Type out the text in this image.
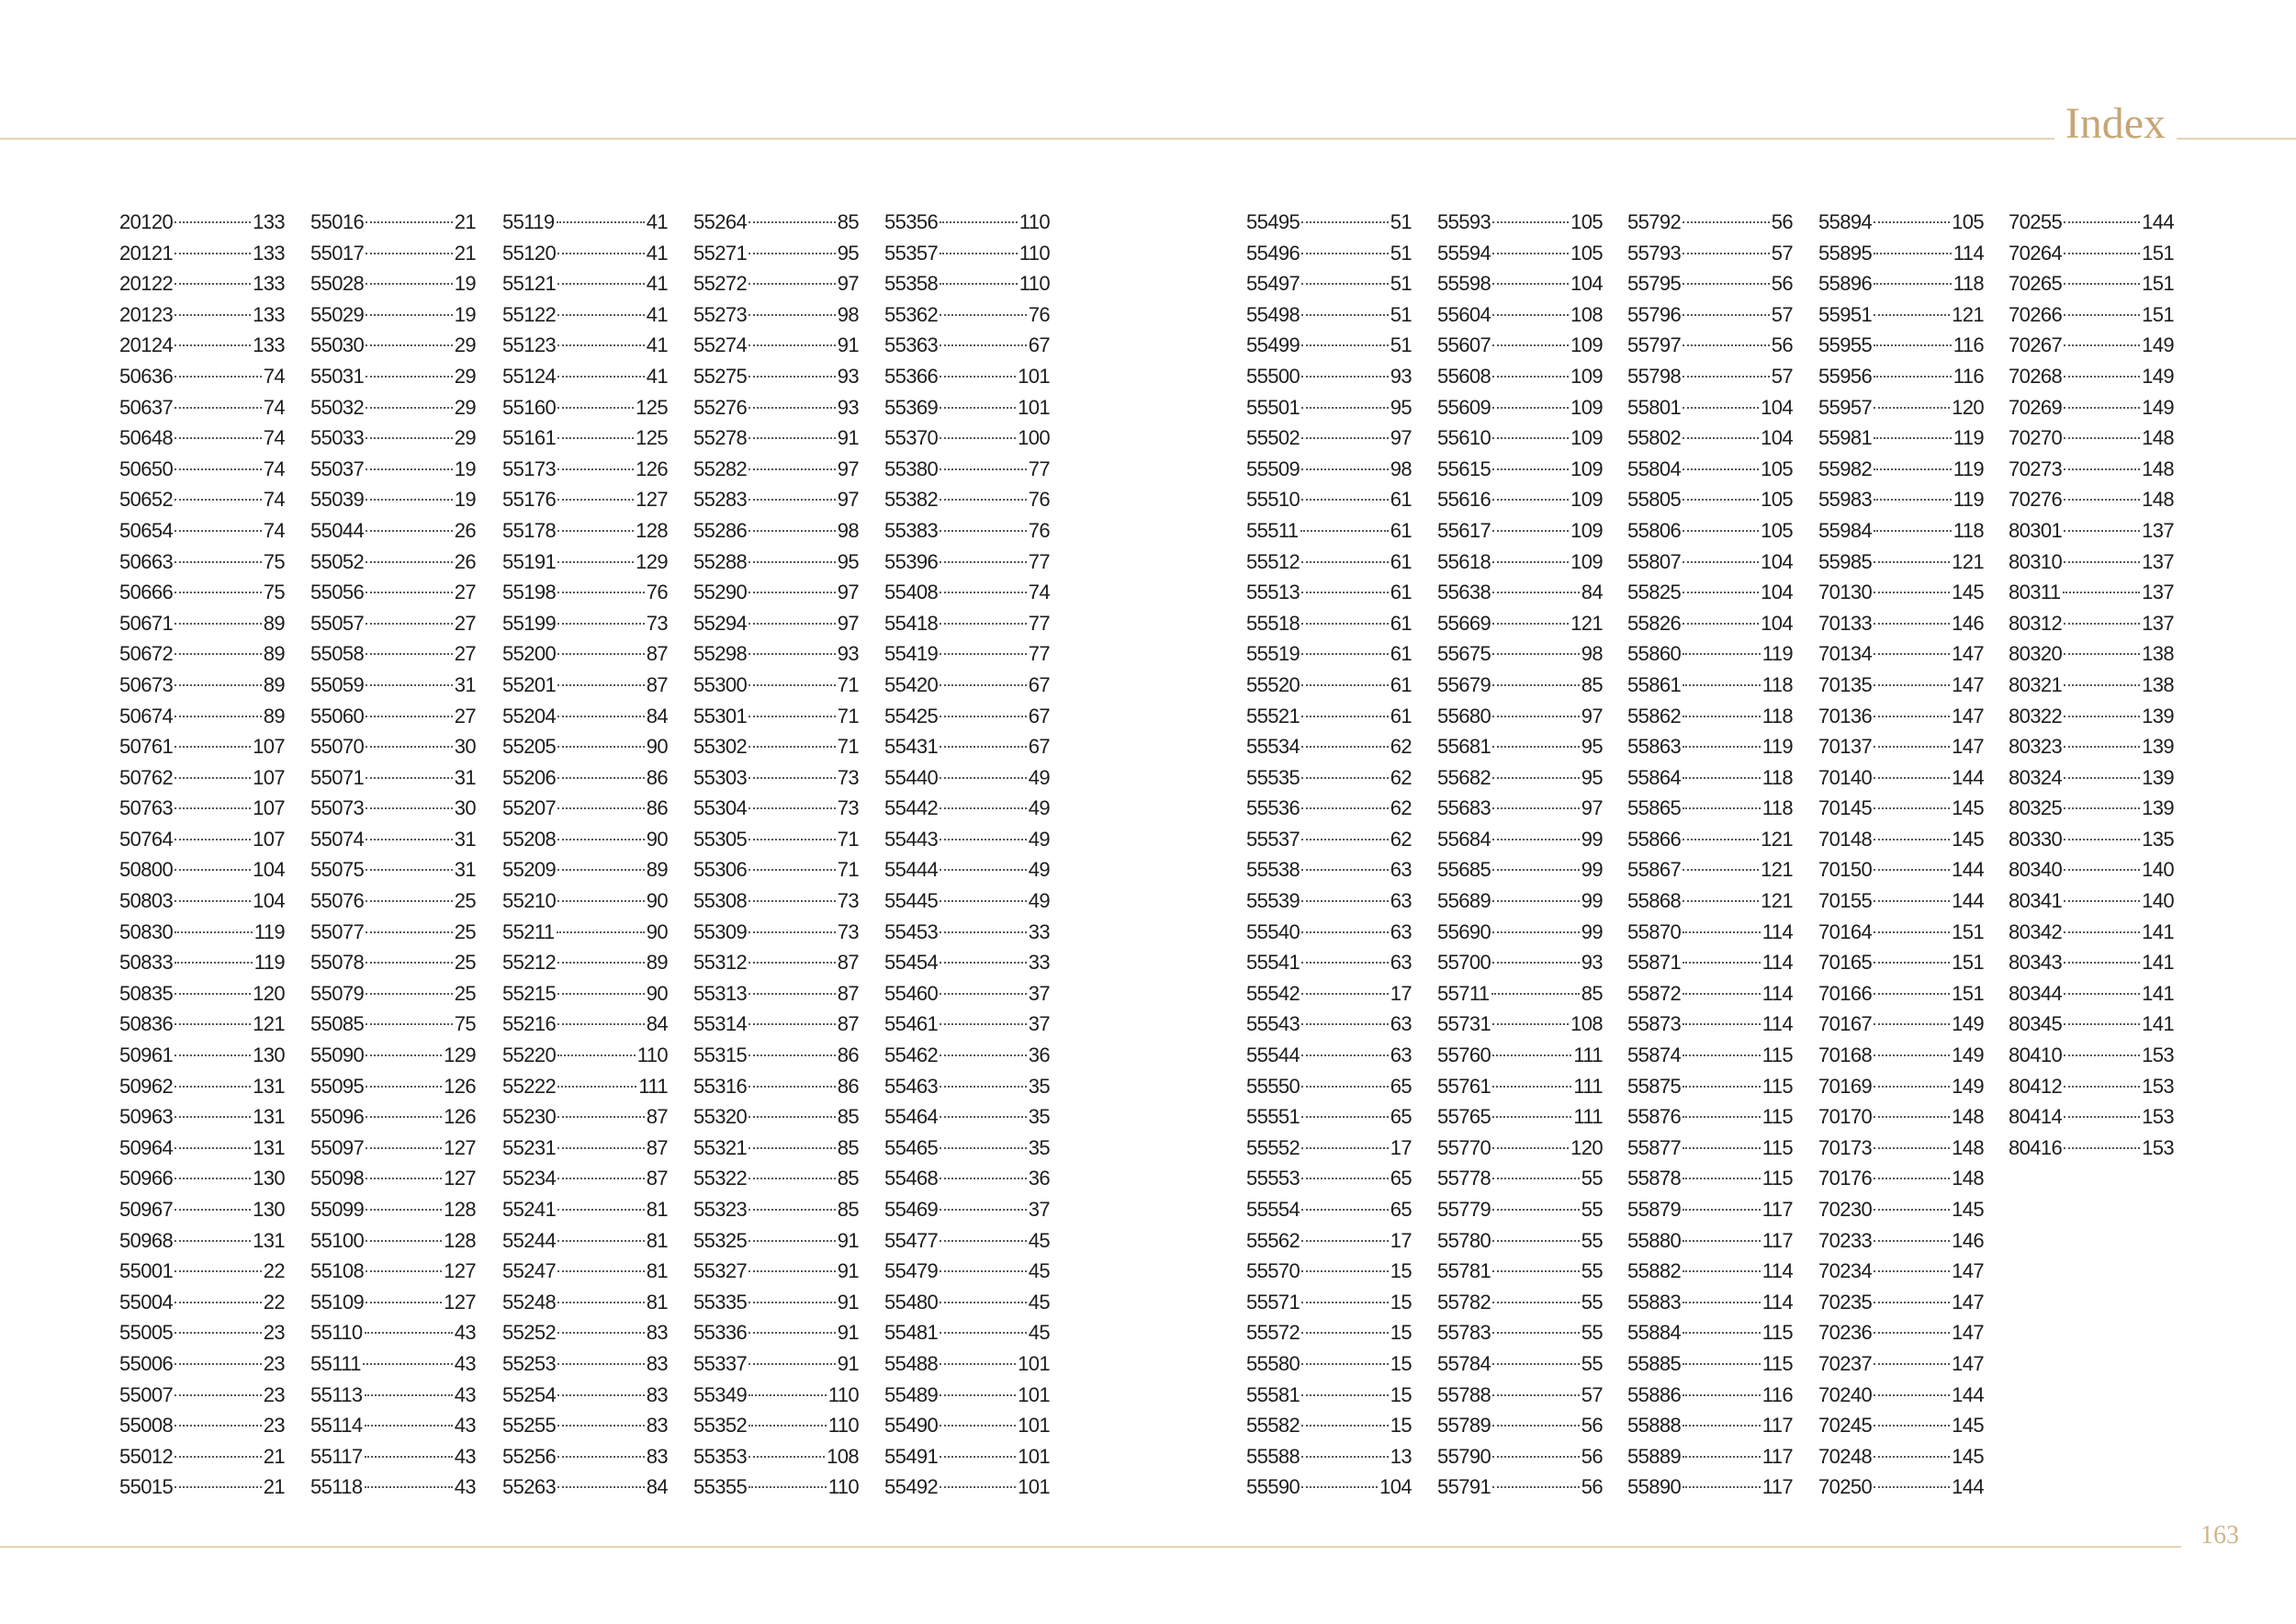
Index
20120	133
20121	133
20122	133
20123	133
20124	133
50636	74
50637	74
50648	74
50650	74
50652	74
50654	74
50663	75
50666	75
50671	89
50672	89
50673	89
50674	89
50761	107
50762	107
50763	107
50764	107
50800	104
50803	104
50830	119
50833	119
50835	120
50836	121
50961	130
50962	131
50963	131
50964	131
50966	130
50967	130
50968	131
55001	22
55004	22
55005	23
55006	23
55007	23
55008	23
55012	21
55015	21
55016	21
55017	21
55028	19
55029	19
55030	29
55031	29
55032	29
55033	29
55037	19
55039	19
55044	26
55052	26
55056	27
55057	27
55058	27
55059	31
55060	27
55070	30
55071	31
55073	30
55074	31
55075	31
55076	25
55077	25
55078	25
55079	25
55085	75
55090	129
55095	126
55096	126
55097	127
55098	127
55099	128
55100	128
55108	127
55109	127
55110	43
55111	43
55113	43
55114	43
55117	43
55118	43
55119	41
55120	41
55121	41
55122	41
55123	41
55124	41
55160	125
55161	125
55173	126
55176	127
55178	128
55191	129
55198	76
55199	73
55200	87
55201	87
55204	84
55205	90
55206	86
55207	86
55208	90
55209	89
55210	90
55211	90
55212	89
55215	90
55216	84
55220	110
55222	111
55230	87
55231	87
55234	87
55241	81
55244	81
55247	81
55248	81
55252	83
55253	83
55254	83
55255	83
55256	83
55263	84
55264	85
55271	95
55272	97
55273	98
55274	91
55275	93
55276	93
55278	91
55282	97
55283	97
55286	98
55288	95
55290	97
55294	97
55298	93
55300	71
55301	71
55302	71
55303	73
55304	73
55305	71
55306	71
55308	73
55309	73
55312	87
55313	87
55314	87
55315	86
55316	86
55320	85
55321	85
55322	85
55323	85
55325	91
55327	91
55335	91
55336	91
55337	91
55349	110
55352	110
55353	108
55355	110
55356	110
55357	110
55358	110
55362	76
55363	67
55366	101
55369	101
55370	100
55380	77
55382	76
55383	76
55396	77
55408	74
55418	77
55419	77
55420	67
55425	67
55431	67
55440	49
55442	49
55443	49
55444	49
55445	49
55453	33
55454	33
55460	37
55461	37
55462	36
55463	35
55464	35
55465	35
55468	36
55469	37
55477	45
55479	45
55480	45
55481	45
55488	101
55489	101
55490	101
55491	101
55492	101
55495	51
55496	51
55497	51
55498	51
55499	51
55500	93
55501	95
55502	97
55509	98
55510	61
55511	61
55512	61
55513	61
55518	61
55519	61
55520	61
55521	61
55534	62
55535	62
55536	62
55537	62
55538	63
55539	63
55540	63
55541	63
55542	17
55543	63
55544	63
55550	65
55551	65
55552	17
55553	65
55554	65
55562	17
55570	15
55571	15
55572	15
55580	15
55581	15
55582	15
55588	13
55590	104
55593	105
55594	105
55598	104
55604	108
55607	109
55608	109
55609	109
55610	109
55615	109
55616	109
55617	109
55618	109
55638	84
55669	121
55675	98
55679	85
55680	97
55681	95
55682	95
55683	97
55684	99
55685	99
55689	99
55690	99
55700	93
55711	85
55731	108
55760	111
55761	111
55765	111
55770	120
55778	55
55779	55
55780	55
55781	55
55782	55
55783	55
55784	55
55788	57
55789	56
55790	56
55791	56
55792	56
55793	57
55795	56
55796	57
55797	56
55798	57
55801	104
55802	104
55804	105
55805	105
55806	105
55807	104
55825	104
55826	104
55860	119
55861	118
55862	118
55863	119
55864	118
55865	118
55866	121
55867	121
55868	121
55870	114
55871	114
55872	114
55873	114
55874	115
55875	115
55876	115
55877	115
55878	115
55879	117
55880	117
55882	114
55883	114
55884	115
55885	115
55886	116
55888	117
55889	117
55890	117
55894	105
55895	114
55896	118
55951	121
55955	116
55956	116
55957	120
55981	119
55982	119
55983	119
55984	118
55985	121
70130	145
70133	146
70134	147
70135	147
70136	147
70137	147
70140	144
70145	145
70148	145
70150	144
70155	144
70164	151
70165	151
70166	151
70167	149
70168	149
70169	149
70170	148
70173	148
70176	148
70230	145
70233	146
70234	147
70235	147
70236	147
70237	147
70240	144
70245	145
70248	145
70250	144
70255	144
70264	151
70265	151
70266	151
70267	149
70268	149
70269	149
70270	148
70273	148
70276	148
80301	137
80310	137
80311	137
80312	137
80320	138
80321	138
80322	139
80323	139
80324	139
80325	139
80330	135
80340	140
80341	140
80342	141
80343	141
80344	141
80345	141
80410	153
80412	153
80414	153
80416	153
163
